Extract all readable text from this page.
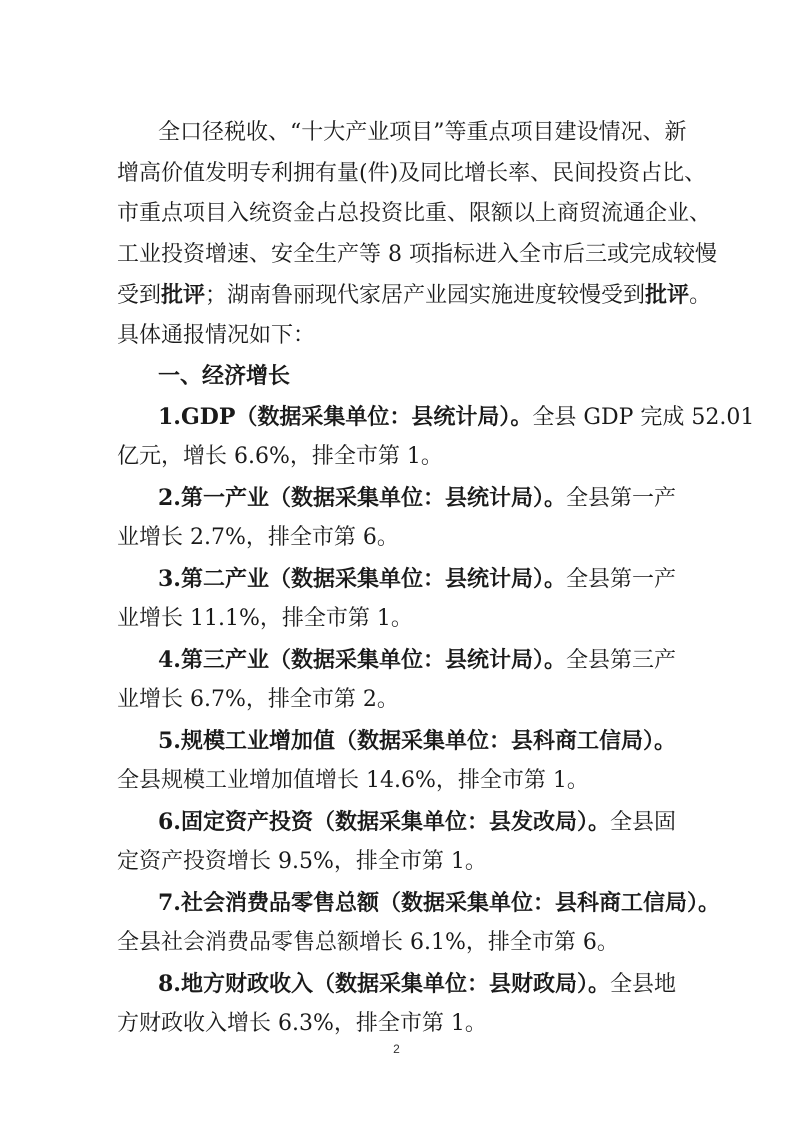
全口径税收、“十大产业项目”等重点项目建设情况、新
增高价值发明专利拥有量(件)及同比增长率、民间投资占比、
市重点项目入统资金占总投资比重、限额以上商贸流通企业、
工业投资增速、安全生产等 8 项指标进入全市后三或完成较慢
受到批评；湖南鲁丽现代家居产业园实施进度较慢受到批评。
具体通报情况如下：
一、经济增长
1.GDP（数据采集单位：县统计局）。全县 GDP 完成 52.01
亿元，增长 6.6%，排全市第 1。
2.第一产业（数据采集单位：县统计局）。全县第一产
业增长 2.7%，排全市第 6。
3.第二产业（数据采集单位：县统计局）。全县第一产
业增长 11.1%，排全市第 1。
4.第三产业（数据采集单位：县统计局）。全县第三产
业增长 6.7%，排全市第 2。
5.规模工业增加值（数据采集单位：县科商工信局）。
全县规模工业增加值增长 14.6%，排全市第 1。
6.固定资产投资（数据采集单位：县发改局）。全县固
定资产投资增长 9.5%，排全市第 1。
7.社会消费品零售总额（数据采集单位：县科商工信局）。
全县社会消费品零售总额增长 6.1%，排全市第 6。
8.地方财政收入（数据采集单位：县财政局）。全县地
方财政收入增长 6.3%，排全市第 1。
2
